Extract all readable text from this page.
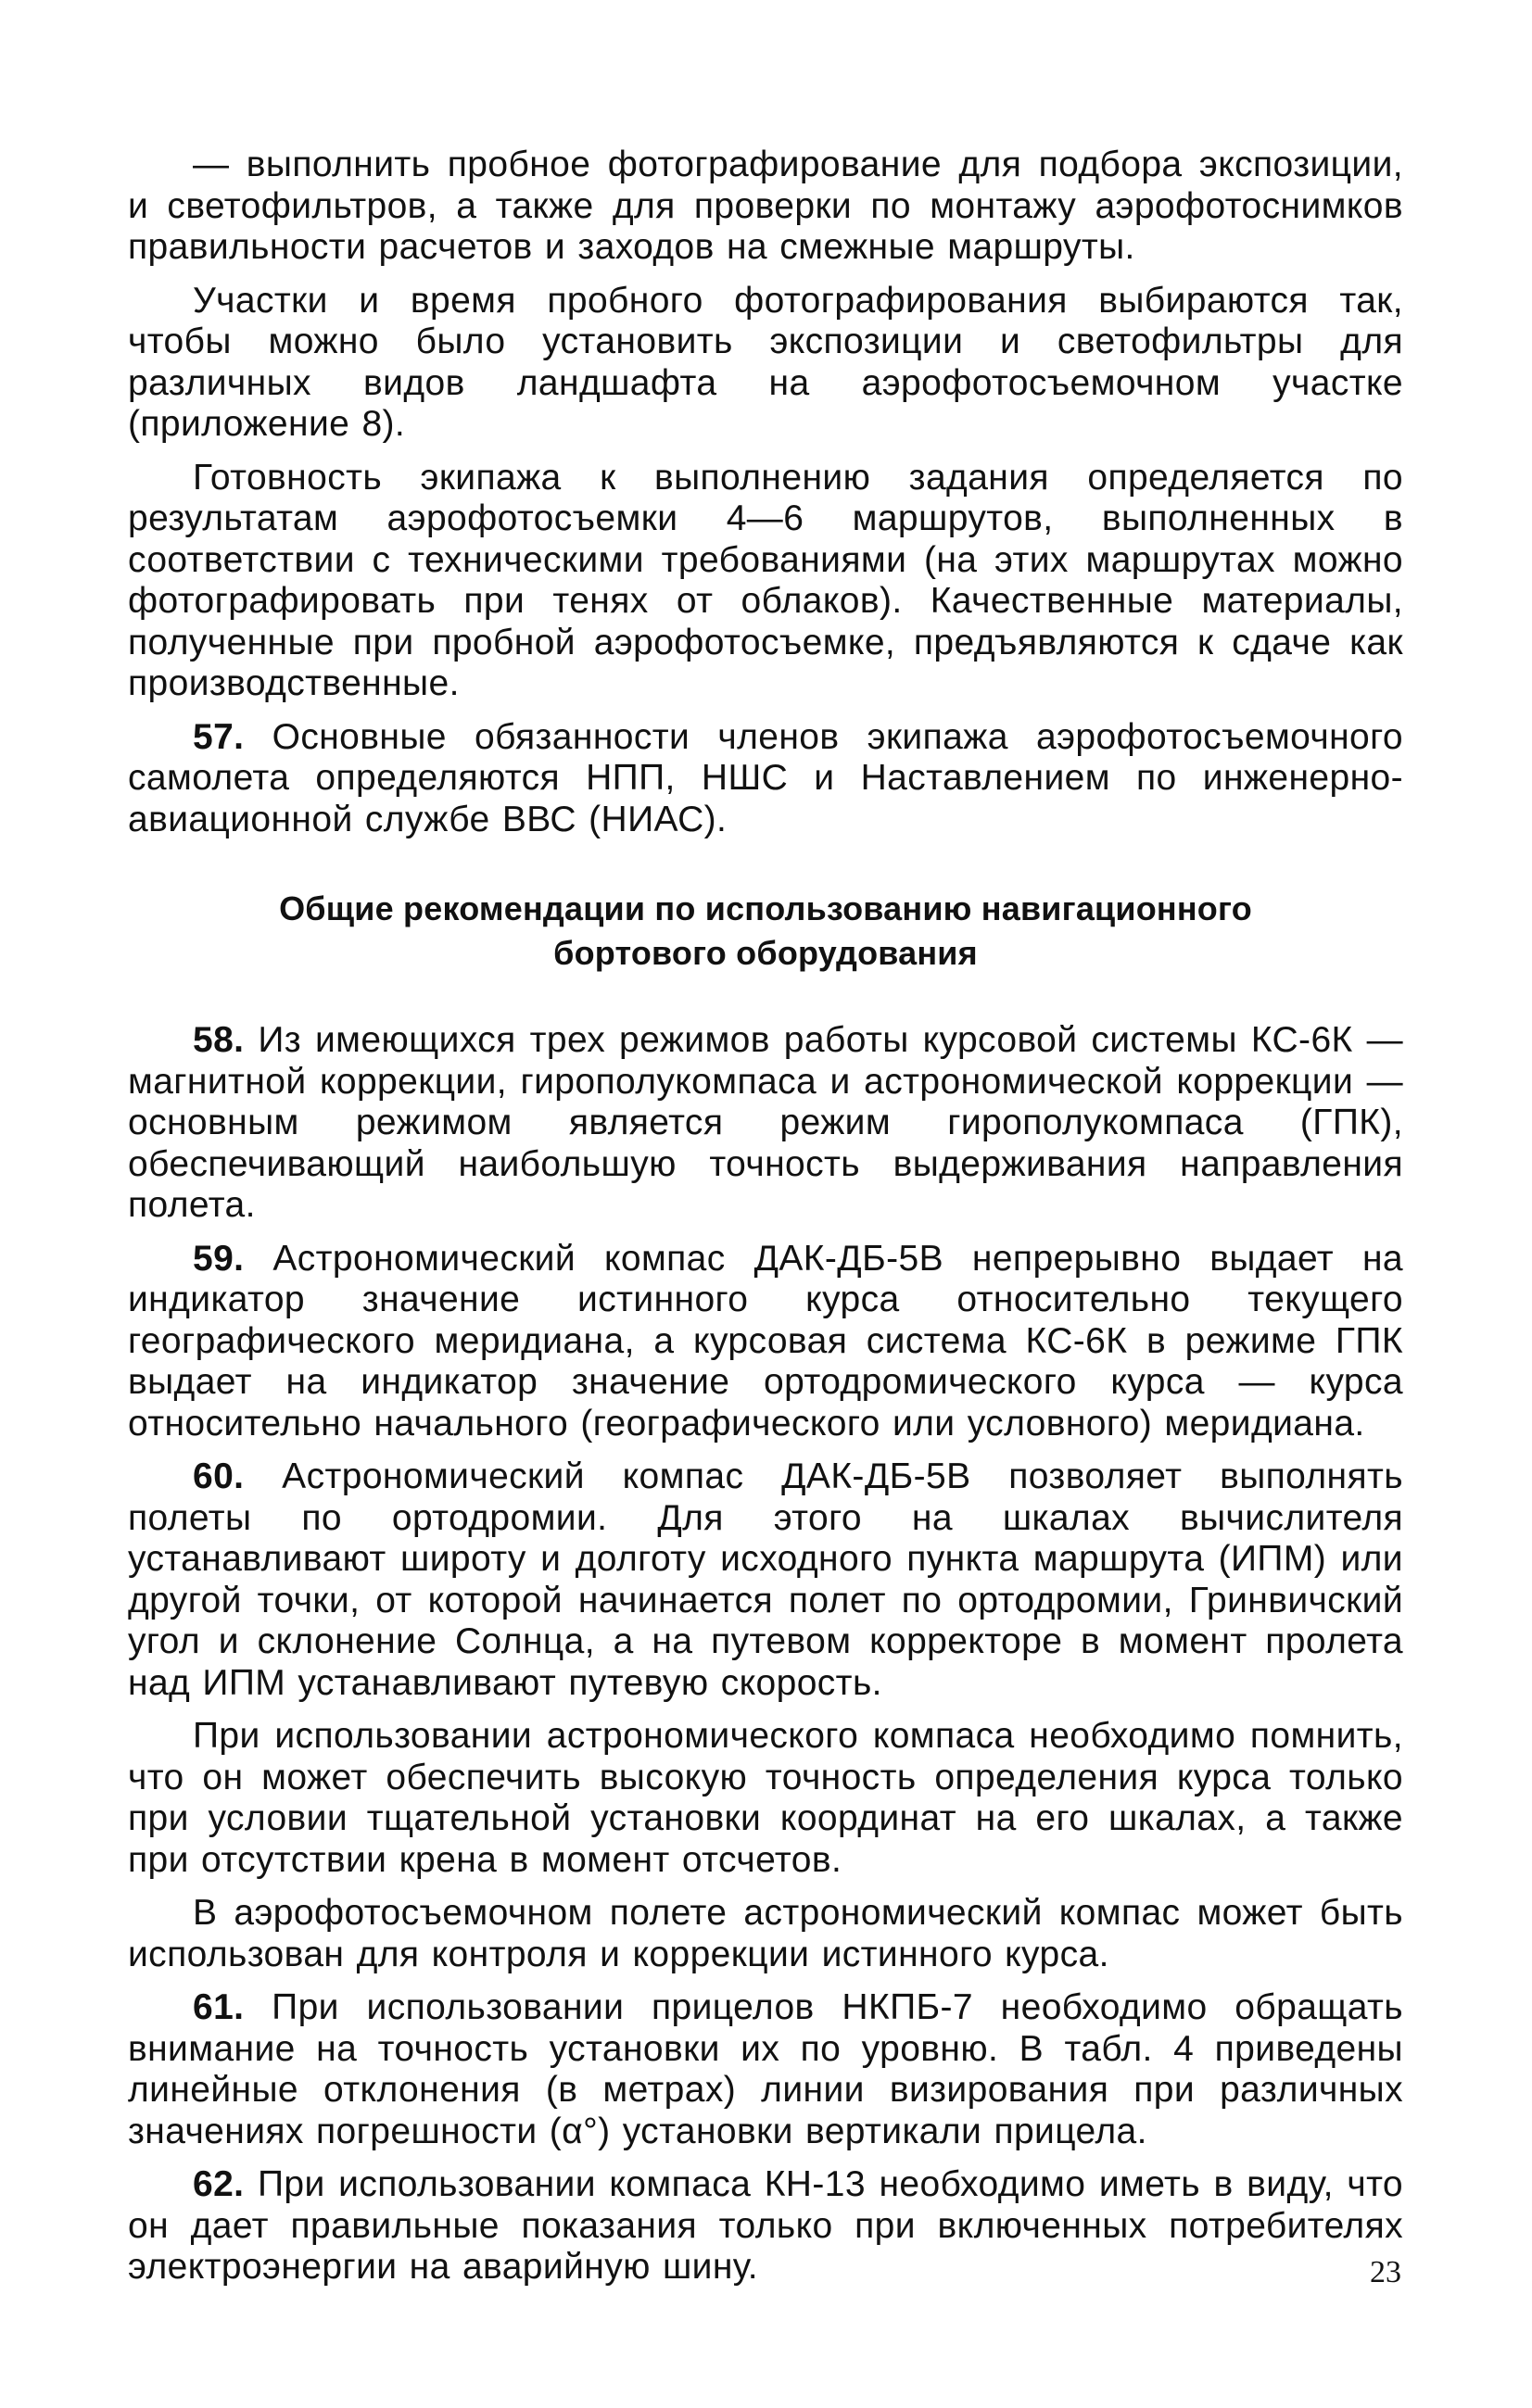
— выполнить пробное фотографирование для подбора экспозиции, и светофильтров, а также для проверки по монтажу аэрофотоснимков правильности расчетов и заходов на смежные маршруты.

Участки и время пробного фотографирования выбираются так, чтобы можно было установить экспозиции и светофильтры для различных видов ландшафта на аэрофотосъемочном участке (приложение 8).

Готовность экипажа к выполнению задания определяется по результатам аэрофотосъемки 4—6 маршрутов, выполненных в соответствии с техническими требованиями (на этих маршрутах можно фотографировать при тенях от облаков). Качественные материалы, полученные при пробной аэрофотосъемке, предъявляются к сдаче как производственные.

57. Основные обязанности членов экипажа аэрофотосъемочного самолета определяются НПП, НШС и Наставлением по инженерно-авиационной службе ВВС (НИАС).

Общие рекомендации по использованию навигационного
бортового оборудования

58. Из имеющихся трех режимов работы курсовой системы КС-6К — магнитной коррекции, гирополукомпаса и астрономической коррекции — основным режимом является режим гирополукомпаса (ГПК), обеспечивающий наибольшую точность выдерживания направления полета.

59. Астрономический компас ДАК-ДБ-5В непрерывно выдает на индикатор значение истинного курса относительно текущего географического меридиана, а курсовая система КС-6К в режиме ГПК выдает на индикатор значение ортодромического курса — курса относительно начального (географического или условного) меридиана.

60. Астрономический компас ДАК-ДБ-5В позволяет выполнять полеты по ортодромии. Для этого на шкалах вычислителя устанавливают широту и долготу исходного пункта маршрута (ИПМ) или другой точки, от которой начинается полет по ортодромии, Гринвичский угол и склонение Солнца, а на путевом корректоре в момент пролета над ИПМ устанавливают путевую скорость.

При использовании астрономического компаса необходимо помнить, что он может обеспечить высокую точность определения курса только при условии тщательной установки координат на его шкалах, а также при отсутствии крена в момент отсчетов.

В аэрофотосъемочном полете астрономический компас может быть использован для контроля и коррекции истинного курса.

61. При использовании прицелов НКПБ-7 необходимо обращать внимание на точность установки их по уровню. В табл. 4 приведены линейные отклонения (в метрах) линии визирования при различных значениях погрешности (α°) установки вертикали прицела.

62. При использовании компаса КН-13 необходимо иметь в виду, что он дает правильные показания только при включенных потребителях электроэнергии на аварийную шину.	23
